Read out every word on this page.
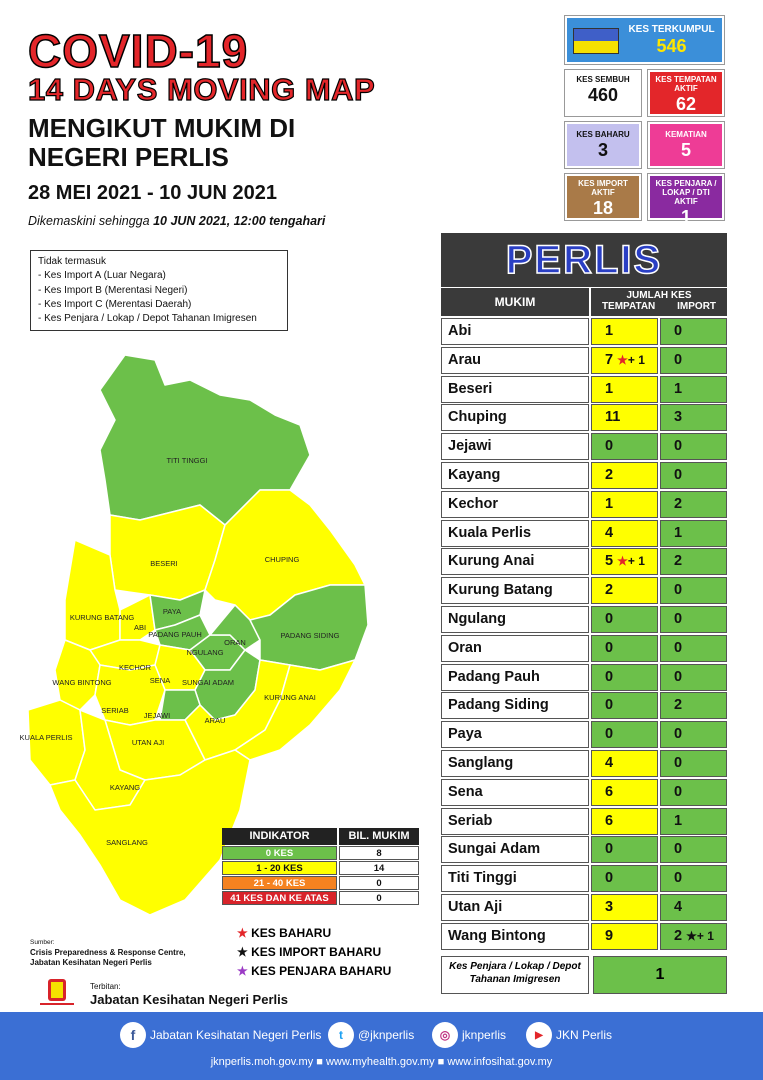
COVID-19
14 DAYS MOVING MAP
MENGIKUT MUKIM DI
NEGERI PERLIS
28 MEI 2021 - 10 JUN 2021
Dikemaskini sehingga 10 JUN 2021, 12:00 tengahari
Tidak termasuk
- Kes Import A (Luar Negara)
- Kes Import B (Merentasi Negeri)
- Kes Import C (Merentasi Daerah)
- Kes Penjara / Lokap / Depot Tahanan Imigresen
KES TERKUMPUL
546
KES SEMBUH
460
KES TEMPATAN AKTIF
62
KES BAHARU
3
KEMATIAN
5
KES IMPORT AKTIF
18
KES PENJARA / LOKAP / DTI AKTIF
1
PERLIS
MUKIM	JUMLAH KES
TEMPATAN IMPORT
Abi	1	0
Arau	7 ★+ 1	0
Beseri	1	1
Chuping	11	3
Jejawi	0	0
Kayang	2	0
Kechor	1	2
Kuala Perlis	4	1
Kurung Anai	5 ★+ 1	2
Kurung Batang	2	0
Ngulang	0	0
Oran	0	0
Padang Pauh	0	0
Padang Siding	0	2
Paya	0	0
Sanglang	4	0
Sena	6	0
Seriab	6	1
Sungai Adam	0	0
Titi Tinggi	0	0
Utan Aji	3	4
Wang Bintong	9	2 ★+ 1
Kes Penjara / Lokap / Depot Tahanan Imigresen	1
TITI TINGGI
BESERI	CHUPING
KURUNG BATANG
ABI
PAYA
PADANG PAUH
ORAN
NGULANG
PADANG SIDING
KECHOR
SENA SUNGAI ADAM
WANG BINTONG
SERIAB
JEJAWI
ARAU
KURUNG ANAI
KUALA PERLIS
UTAN AJI
KAYANG
SANGLANG
INDIKATOR	BIL. MUKIM
0 KES	8
1 - 20 KES	14
21 - 40 KES	0
41 KES DAN KE ATAS	0
★ KES BAHARU
★ KES IMPORT BAHARU
★ KES PENJARA BAHARU
Sumber:
Crisis Preparedness & Response Centre,
Jabatan Kesihatan Negeri Perlis
Terbitan:
Jabatan Kesihatan Negeri Perlis
f	Jabatan Kesihatan Negeri Perlis	t	@jknperlis	◎ jknperlis	▶	JKN Perlis
jknperlis.moh.gov.my ■ www.myhealth.gov.my ■ www.infosihat.gov.my
